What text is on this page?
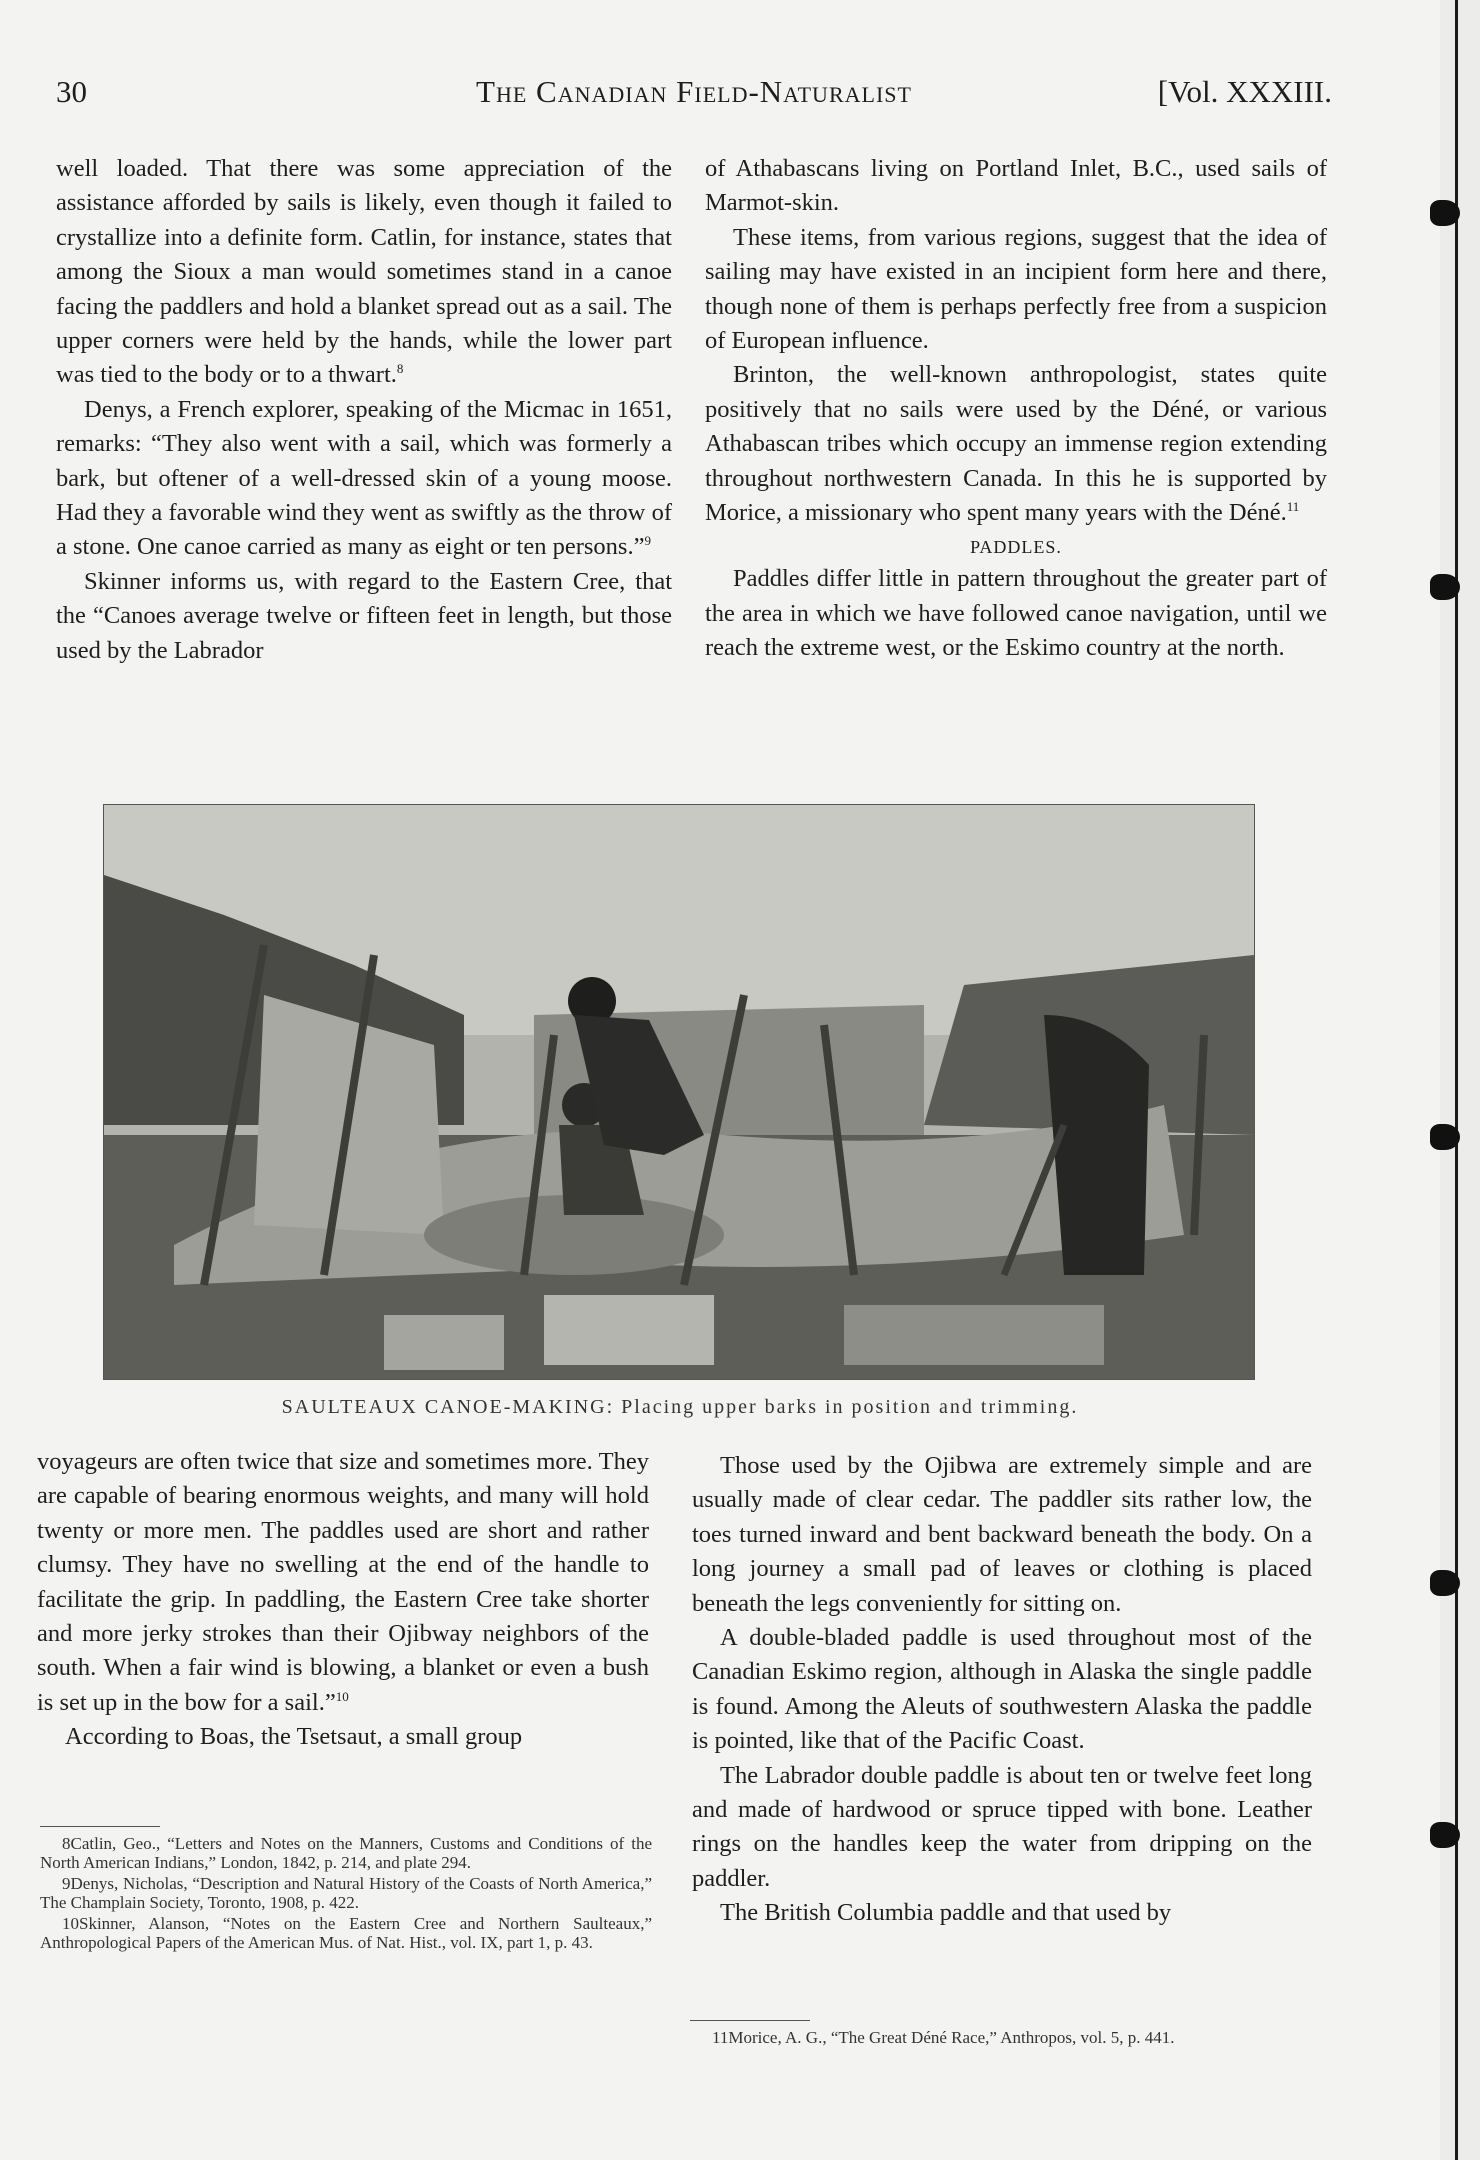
30	The Canadian Field-Naturalist	[Vol. XXXIII.

well loaded. That there was some appreciation of the assistance afforded by sails is likely, even though it failed to crystallize into a definite form. Catlin, for instance, states that among the Sioux a man would sometimes stand in a canoe facing the paddlers and hold a blanket spread out as a sail. The upper corners were held by the hands, while the lower part was tied to the body or to a thwart.$^8$

Denys, a French explorer, speaking of the Micmac in 1651, remarks: “They also went with a sail, which was formerly a bark, but oftener of a well-dressed skin of a young moose. Had they a favorable wind they went as swiftly as the throw of a stone. One canoe carried as many as eight or ten persons.”$^9$

Skinner informs us, with regard to the Eastern Cree, that the “Canoes average twelve or fifteen feet in length, but those used by the Labrador

of Athabascans living on Portland Inlet, B.C., used sails of Marmot-skin.

These items, from various regions, suggest that the idea of sailing may have existed in an incipient form here and there, though none of them is perhaps perfectly free from a suspicion of European influence.

Brinton, the well-known anthropologist, states quite positively that no sails were used by the Déné, or various Athabascan tribes which occupy an immense region extending throughout northwestern Canada. In this he is supported by Morice, a missionary who spent many years with the Déné.$^{11}$

PADDLES.

Paddles differ little in pattern throughout the greater part of the area in which we have followed canoe navigation, until we reach the extreme west, or the Eskimo country at the north.

SAULTEAUX CANOE-MAKING: Placing upper barks in position and trimming.

voyageurs are often twice that size and sometimes more. They are capable of bearing enormous weights, and many will hold twenty or more men. The paddles used are short and rather clumsy. They have no swelling at the end of the handle to facilitate the grip. In paddling, the Eastern Cree take shorter and more jerky strokes than their Ojibway neighbors of the south. When a fair wind is blowing, a blanket or even a bush is set up in the bow for a sail.”$^{10}$

According to Boas, the Tsetsaut, a small group

Those used by the Ojibwa are extremely simple and are usually made of clear cedar. The paddler sits rather low, the toes turned inward and bent backward beneath the body. On a long journey a small pad of leaves or clothing is placed beneath the legs conveniently for sitting on.

A double-bladed paddle is used throughout most of the Canadian Eskimo region, although in Alaska the single paddle is found. Among the Aleuts of southwestern Alaska the paddle is pointed, like that of the Pacific Coast.

The Labrador double paddle is about ten or twelve feet long and made of hardwood or spruce tipped with bone. Leather rings on the handles keep the water from dripping on the paddler.

The British Columbia paddle and that used by

8Catlin, Geo., “Letters and Notes on the Manners, Customs and Conditions of the North American Indians,” London, 1842, p. 214, and plate 294.

9Denys, Nicholas, “Description and Natural History of the Coasts of North America,” The Champlain Society, Toronto, 1908, p. 422.

10Skinner, Alanson, “Notes on the Eastern Cree and Northern Saulteaux,” Anthropological Papers of the American Mus. of Nat. Hist., vol. IX, part 1, p. 43.

11Morice, A. G., “The Great Déné Race,” Anthropos, vol. 5, p. 441.
